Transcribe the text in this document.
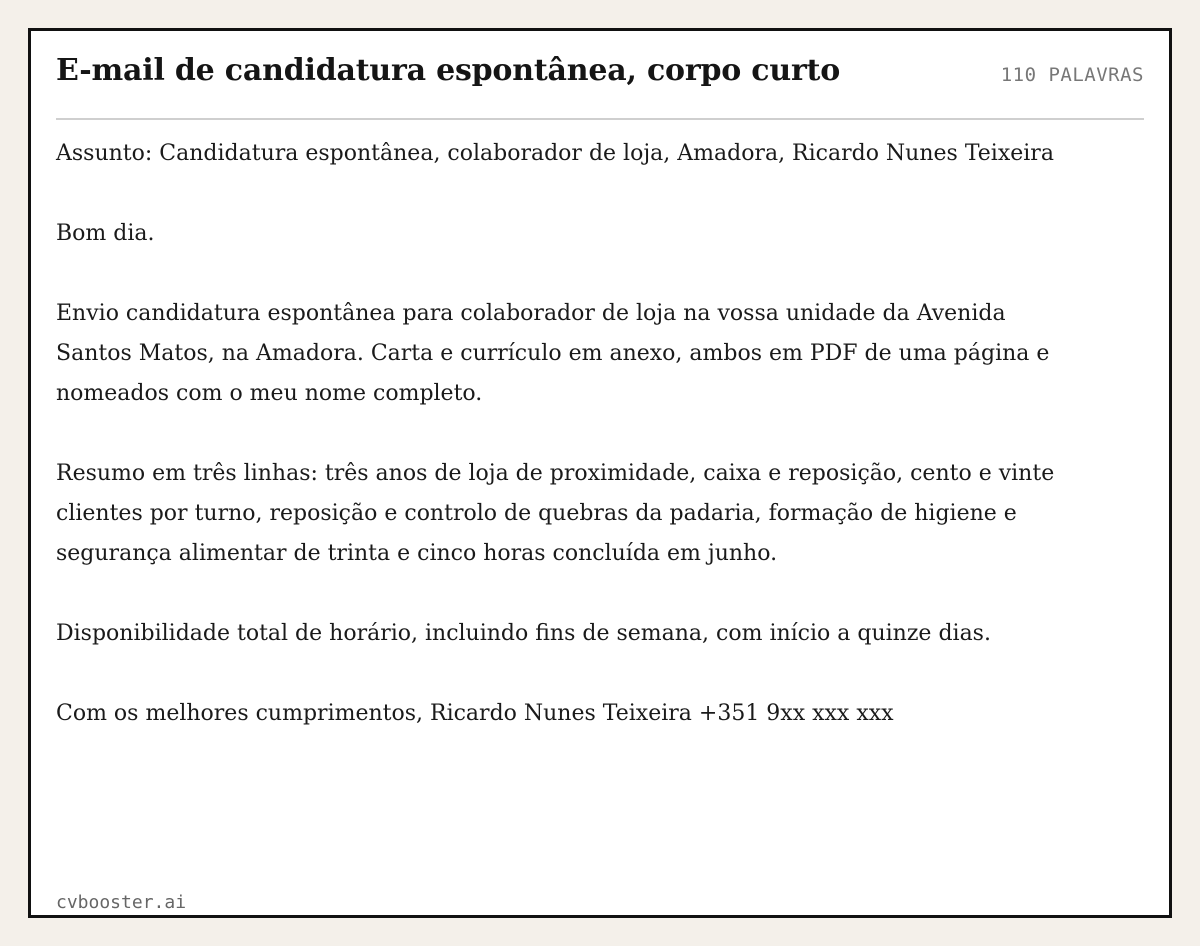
E-mail de candidatura espontânea, corpo curto	110 PALAVRAS

Assunto: Candidatura espontânea, colaborador de loja, Amadora, Ricardo Nunes Teixeira

Bom dia.

Envio candidatura espontânea para colaborador de loja na vossa unidade da Avenida Santos Matos, na Amadora. Carta e currículo em anexo, ambos em PDF de uma página e nomeados com o meu nome completo.

Resumo em três linhas: três anos de loja de proximidade, caixa e reposição, cento e vinte clientes por turno, reposição e controlo de quebras da padaria, formação de higiene e segurança alimentar de trinta e cinco horas concluída em junho.

Disponibilidade total de horário, incluindo fins de semana, com início a quinze dias.

Com os melhores cumprimentos, Ricardo Nunes Teixeira +351 9xx xxx xxx

cvbooster.ai
